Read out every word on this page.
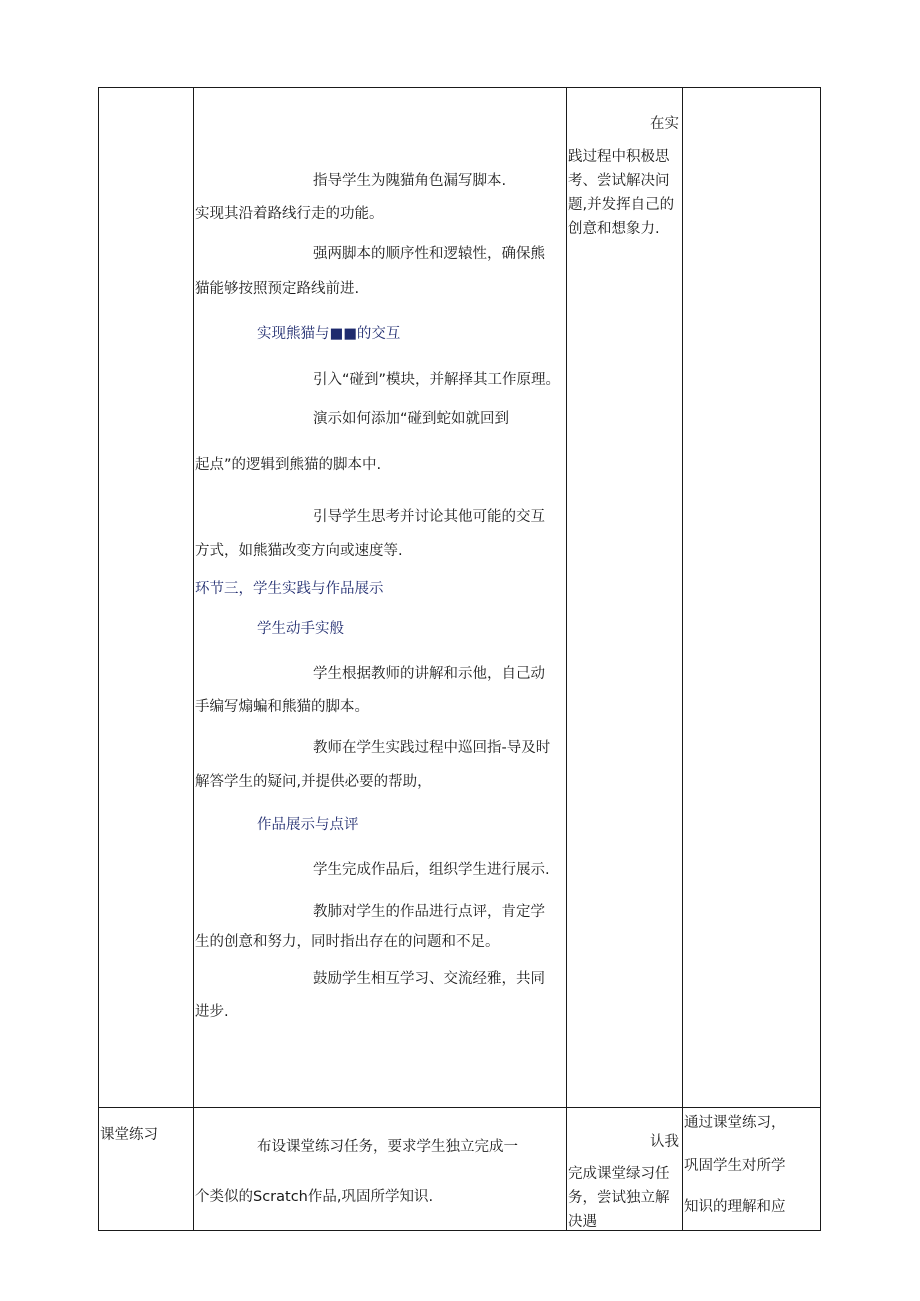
指导学生为隗猫角色漏写脚本.
实现其沿着路线行走的功能。
强两脚本的顺序性和逻辕性，确保熊
猫能够按照预定路线前进.
实现熊猫与■■的交互
引入“碰到”模块，并解择其工作原理。
演示如何添加“碰到蛇如就回到
起点”的逻辑到熊猫的脚本中.
引导学生思考并讨论其他可能的交互
方式，如熊猫改变方向或速度等.
环节三，学生实践与作品展示
学生动手实般
学生根据教师的讲解和示他，自己动
手编写煽蝙和熊猫的脚本。
教师在学生实践过程中巡回指-导及时
解答学生的疑问,并提供必要的帮助，
作品展示与点评
学生完成作品后，组织学生进行展示.
教肺对学生的作品进行点评，肯定学
生的创意和努力，同时指出存在的问题和不足。
鼓励学生相互学习、交流经雅，共同
进步.
在实
践过程中积极思
考、尝试解决问
题,并发挥自己的
创意和想象力.
课堂练习
布设课堂练习任务，要求学生独立完成一
个类似的Scratch作品,巩固所学知识.
认我
完成课堂绿习任
务，尝试独立解
决遇
通过课堂练习，
巩固学生对所学
知识的理解和应
